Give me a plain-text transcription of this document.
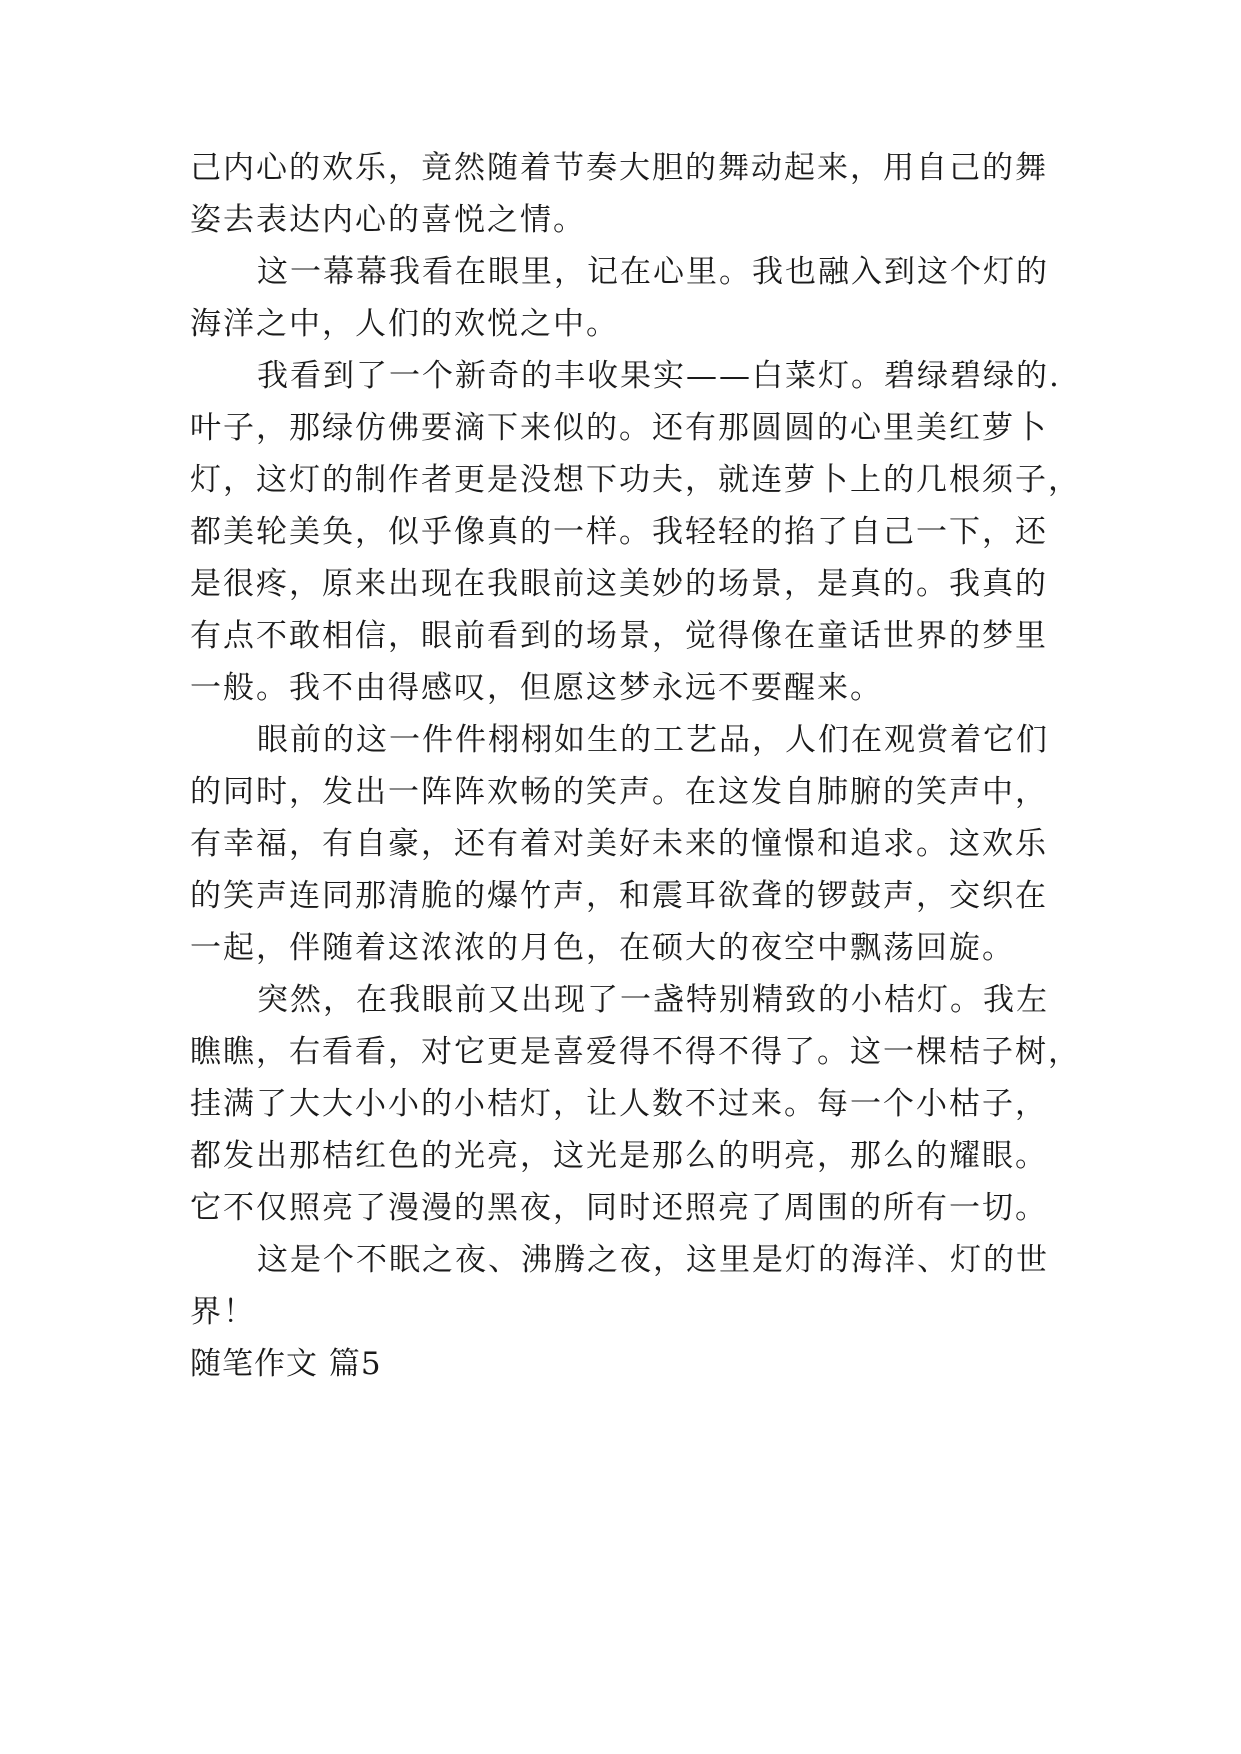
己内心的欢乐，竟然随着节奏大胆的舞动起来，用自己的舞
姿去表达内心的喜悦之情。
这一幕幕我看在眼里，记在心里。我也融入到这个灯的
海洋之中，人们的欢悦之中。
我看到了一个新奇的丰收果实——白菜灯。碧绿碧绿的.
叶子，那绿仿佛要滴下来似的。还有那圆圆的心里美红萝卜
灯，这灯的制作者更是没想下功夫，就连萝卜上的几根须子，
都美轮美奂，似乎像真的一样。我轻轻的掐了自己一下，还
是很疼，原来出现在我眼前这美妙的场景，是真的。我真的
有点不敢相信，眼前看到的场景，觉得像在童话世界的梦里
一般。我不由得感叹，但愿这梦永远不要醒来。
眼前的这一件件栩栩如生的工艺品，人们在观赏着它们
的同时，发出一阵阵欢畅的笑声。在这发自肺腑的笑声中，
有幸福，有自豪，还有着对美好未来的憧憬和追求。这欢乐
的笑声连同那清脆的爆竹声，和震耳欲聋的锣鼓声，交织在
一起，伴随着这浓浓的月色，在硕大的夜空中飘荡回旋。
突然，在我眼前又出现了一盏特别精致的小桔灯。我左
瞧瞧，右看看，对它更是喜爱得不得不得了。这一棵桔子树，
挂满了大大小小的小桔灯，让人数不过来。每一个小枯子，
都发出那桔红色的光亮，这光是那么的明亮，那么的耀眼。
它不仅照亮了漫漫的黑夜，同时还照亮了周围的所有一切。
这是个不眠之夜、沸腾之夜，这里是灯的海洋、灯的世
界！
随笔作文 篇5
